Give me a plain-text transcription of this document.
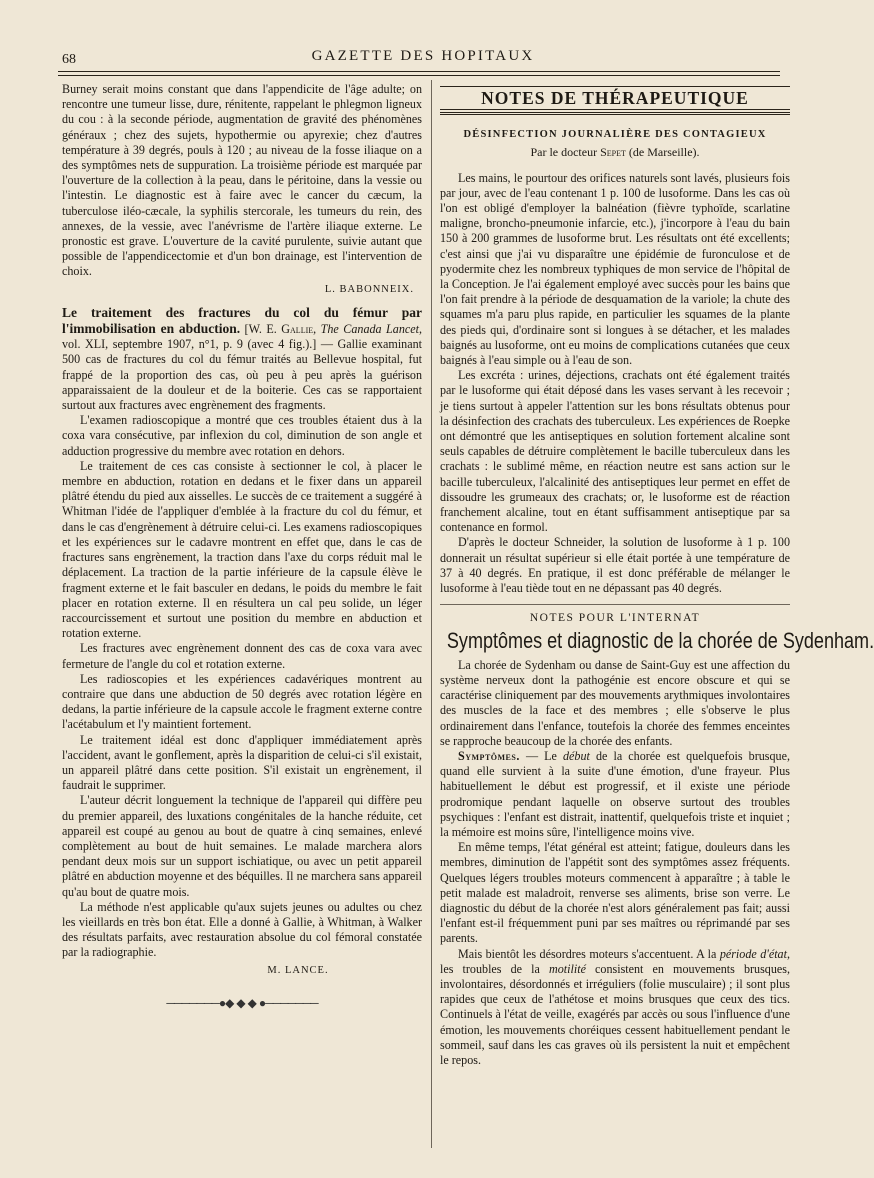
68	GAZETTE DES HOPITAUX

Burney serait moins constant que dans l'appendicite de l'âge adulte; on rencontre une tumeur lisse, dure, rénitente, rappelant le phlegmon ligneux du cou : à la seconde période, augmentation de gravité des phénomènes généraux ; chez des sujets, hypothermie ou apyrexie; chez d'autres température à 39 degrés, pouls à 120 ; au niveau de la fosse iliaque on a des symptômes nets de suppuration. La troisième période est marquée par l'ouverture de la collection à la peau, dans le péritoine, dans la vessie ou l'intestin. Le diagnostic est à faire avec le cancer du cæcum, la tuberculose iléo-cæcale, la syphilis stercorale, les tumeurs du rein, des annexes, de la vessie, avec l'anévrisme de l'artère iliaque externe. Le pronostic est grave. L'ouverture de la cavité purulente, suivie autant que possible de l'appendicectomie et d'un bon drainage, est l'intervention de choix.

L. BABONNEIX.

Le traitement des fractures du col du fémur par l'immobilisation en abduction. [W. E. Gallie, The Canada Lancet, vol. XLI, septembre 1907, n°1, p. 9 (avec 4 fig.).] — Gallie examinant 500 cas de fractures du col du fémur traités au Bellevue hospital, fut frappé de la proportion des cas, où peu à peu après la guérison apparaissaient de la douleur et de la boiterie. Ces cas se rapportaient surtout aux fractures avec engrènement des fragments.

L'examen radioscopique a montré que ces troubles étaient dus à la coxa vara consécutive, par inflexion du col, diminution de son angle et adduction progressive du membre avec rotation en dehors.

Le traitement de ces cas consiste à sectionner le col, à placer le membre en abduction, rotation en dedans et le fixer dans un appareil plâtré étendu du pied aux aisselles. Le succès de ce traitement a suggéré à Whitman l'idée de l'appliquer d'emblée à la fracture du col du fémur, et dans le cas d'engrènement à détruire celui-ci. Les examens radioscopiques et les expériences sur le cadavre montrent en effet que, dans le cas de fractures sans engrènement, la traction dans l'axe du corps réduit mal le déplacement. La traction de la partie inférieure de la capsule élève le fragment externe et le fait basculer en dedans, le poids du membre le fait placer en rotation externe. Il en résultera un cal peu solide, un léger raccourcissement et surtout une position du membre en abduction et rotation externe.

Les fractures avec engrènement donnent des cas de coxa vara avec fermeture de l'angle du col et rotation externe.

Les radioscopies et les expériences cadavériques montrent au contraire que dans une abduction de 50 degrés avec rotation légère en dedans, la partie inférieure de la capsule accole le fragment externe contre l'acétabulum et l'y maintient fortement.

Le traitement idéal est donc d'appliquer immédiatement après l'accident, avant le gonflement, après la disparition de celui-ci s'il existait, un appareil plâtré dans cette position. S'il existait un engrènement, il faudrait le supprimer.

L'auteur décrit longuement la technique de l'appareil qui diffère peu du premier appareil, des luxations congénitales de la hanche réduite, cet appareil est coupé au genou au bout de quatre à cinq semaines, enlevé complètement au bout de huit semaines. Le malade marchera alors pendant deux mois sur un support ischiatique, ou avec un petit appareil plâtré en abduction moyenne et des béquilles. Il ne marchera sans appareil qu'au bout de quatre mois.

La méthode n'est applicable qu'aux sujets jeunes ou adultes ou chez les vieillards en très bon état. Elle a donné à Gallie, à Whitman, à Walker des résultats parfaits, avec restauration absolue du col fémoral constatée par la radiographie.

M. LANCE.
───────●◆◆◆●───────
NOTES DE THÉRAPEUTIQUE
DÉSINFECTION JOURNALIÈRE DES CONTAGIEUX
Par le docteur Sepet (de Marseille).

Les mains, le pourtour des orifices naturels sont lavés, plusieurs fois par jour, avec de l'eau contenant 1 p. 100 de lusoforme. Dans les cas où l'on est obligé d'employer la balnéation (fièvre typhoïde, scarlatine maligne, broncho-pneumonie infarcie, etc.), j'incorpore à l'eau du bain 150 à 200 grammes de lusoforme brut. Les résultats ont été excellents; c'est ainsi que j'ai vu disparaître une épidémie de furonculose et de pyodermite chez les nombreux typhiques de mon service de l'hôpital de la Conception. Je l'ai également employé avec succès pour les bains que l'on fait prendre à la période de desquamation de la variole; la chute des squames m'a paru plus rapide, en particulier les squames de la plante des pieds qui, d'ordinaire sont si longues à se détacher, et les malades baignés au lusoforme, ont eu moins de complications cutanées que ceux baignés à l'eau simple ou à l'eau de son.

Les excréta : urines, déjections, crachats ont été également traités par le lusoforme qui était déposé dans les vases servant à les recevoir ; je tiens surtout à appeler l'attention sur les bons résultats obtenus pour la désinfection des crachats des tuberculeux. Les expériences de Roepke ont démontré que les antiseptiques en solution fortement alcaline sont seuls capables de détruire complètement le bacille tuberculeux dans les crachats : le sublimé même, en réaction neutre est sans action sur le bacille tuberculeux, l'alcalinité des antiseptiques leur permet en effet de dissoudre les grumeaux des crachats; or, le lusoforme est de réaction franchement alcaline, tout en étant suffisamment antiseptique par sa contenance en formol.

D'après le docteur Schneider, la solution de lusoforme à 1 p. 100 donnerait un résultat supérieur si elle était portée à une température de 37 à 40 degrés. En pratique, il est donc préférable de mélanger le lusoforme à l'eau tiède tout en ne dépassant pas 40 degrés.

NOTES POUR L'INTERNAT
Symptômes et diagnostic de la chorée de Sydenham.

La chorée de Sydenham ou danse de Saint-Guy est une affection du système nerveux dont la pathogénie est encore obscure et qui se caractérise cliniquement par des mouvements arythmiques involontaires des muscles de la face et des membres ; elle s'observe le plus ordinairement dans l'enfance, toutefois la chorée des femmes enceintes se rapproche beaucoup de la chorée des enfants.

Symptômes. — Le début de la chorée est quelquefois brusque, quand elle survient à la suite d'une émotion, d'une frayeur. Plus habituellement le début est progressif, et il existe une période prodromique pendant laquelle on observe surtout des troubles psychiques : l'enfant est distrait, inattentif, quelquefois triste et inquiet ; la mémoire est moins sûre, l'intelligence moins vive.

En même temps, l'état général est atteint; fatigue, douleurs dans les membres, diminution de l'appétit sont des symptômes assez fréquents. Quelques légers troubles moteurs commencent à apparaître ; à table le petit malade est maladroit, renverse ses aliments, brise son verre. Le diagnostic du début de la chorée n'est alors généralement pas fait; aussi l'enfant est-il fréquemment puni par ses maîtres ou réprimandé par ses parents.

Mais bientôt les désordres moteurs s'accentuent. A la période d'état, les troubles de la motilité consistent en mouvements brusques, involontaires, désordonnés et irréguliers (folie musculaire) ; il sont plus rapides que ceux de l'athétose et moins brusques que ceux des tics. Continuels à l'état de veille, exagérés par accès ou sous l'influence d'une émotion, les mouvements choréiques cessent habituellement pendant le sommeil, sauf dans les cas graves où ils persistent la nuit et empêchent le repos.
